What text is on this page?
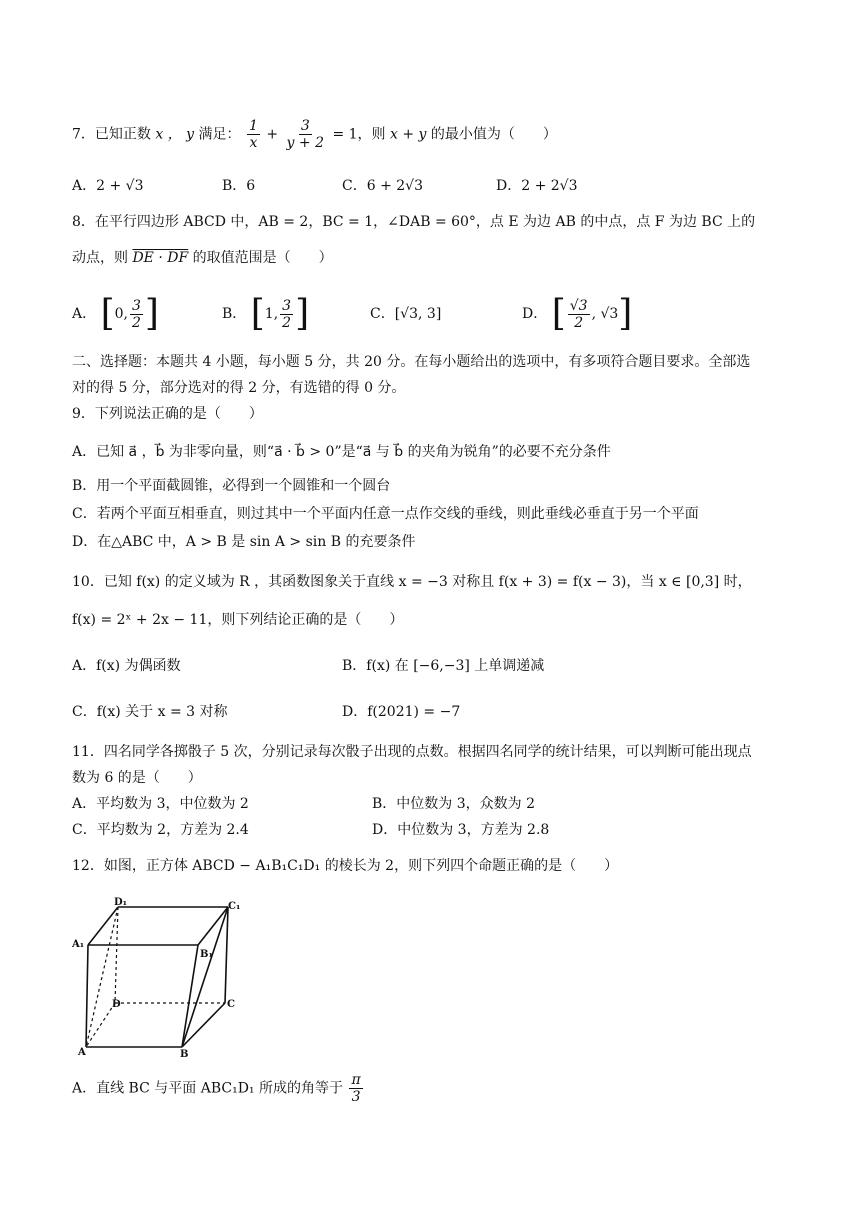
7．已知正数 x ， y 满足： $\frac{1}{x} + \frac{3}{y + 2} = 1$，则 x + y 的最小值为（　　）
A．2 + √3	B．6	C．6 + 2√3	D．2 + 2√3
8．在平行四边形 ABCD 中，AB = 2，BC = 1，∠DAB = 60°，点 E 为边 AB 的中点，点 F 为边 BC 上的
动点，则 DE · DF 的取值范围是（　　）
A． [ 0, $\frac{3}{2}$ ]	B． [ 1, $\frac{3}{2}$ ]	C．[√3, 3]	D． [ $\frac{√3}{2}$ , √3 ]
二、选择题：本题共 4 小题，每小题 5 分，共 20 分。在每小题给出的选项中，有多项符合题目要求。全部选
对的得 5 分，部分选对的得 2 分，有选错的得 0 分。
9．下列说法正确的是（　　）
A．已知 a⃗ ，b⃗ 为非零向量，则“a⃗ · b⃗ > 0”是“a⃗ 与 b⃗ 的夹角为锐角”的必要不充分条件
B．用一个平面截圆锥，必得到一个圆锥和一个圆台
C．若两个平面互相垂直，则过其中一个平面内任意一点作交线的垂线，则此垂线必垂直于另一个平面
D．在△ABC 中，A > B 是 sin A > sin B 的充要条件
10．已知 f(x) 的定义域为 R ，其函数图象关于直线 x = −3 对称且 f(x + 3) = f(x − 3)，当 x ∈ [0,3] 时，
f(x) = 2ˣ + 2x − 11，则下列结论正确的是（　　）
A．f(x) 为偶函数	B．f(x) 在 [−6,−3] 上单调递减
C．f(x) 关于 x = 3 对称	D．f(2021) = −7
11．四名同学各掷骰子 5 次，分别记录每次骰子出现的点数。根据四名同学的统计结果，可以判断可能出现点
数为 6 的是（　　）
A．平均数为 3，中位数为 2	B．中位数为 3，众数为 2
C．平均数为 2，方差为 2.4	D．中位数为 3，方差为 2.8
12．如图，正方体 ABCD − A₁B₁C₁D₁ 的棱长为 2，则下列四个命题正确的是（　　）
D₁	C₁
A₁
B₁
D	C
A	B
A．直线 BC 与平面 ABC₁D₁ 所成的角等于 $\frac{\pi}{3}$
